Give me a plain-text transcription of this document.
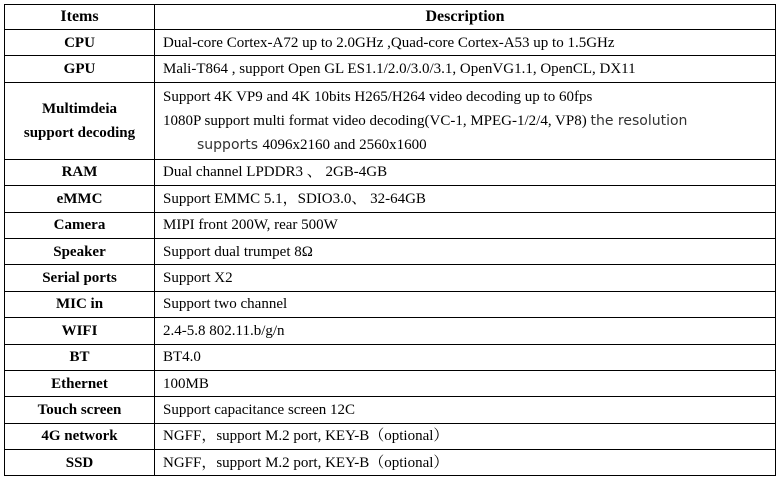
Items	Description
CPU	Dual-core Cortex-A72 up to 2.0GHz ,Quad-core Cortex-A53 up to 1.5GHz
GPU	Mali-T864 , support Open GL ES1.1/2.0/3.0/3.1, OpenVG1.1, OpenCL, DX11

Multimdeia
support decoding	Support 4K VP9 and 4K 10bits H265/H264 video decoding up to 60fps
1080P support multi format video decoding(VC-1, MPEG-1/2/4, VP8) the resolution
supports 4096x2160 and 2560x1600

RAM	Dual channel LPDDR3 、 2GB-4GB
eMMC	Support EMMC 5.1，SDIO3.0、 32-64GB
Camera	MIPI front 200W, rear 500W
Speaker	Support dual trumpet 8Ω
Serial ports	Support X2
MIC in	Support two channel
WIFI	2.4-5.8 802.11.b/g/n
BT	BT4.0
Ethernet	100MB
Touch screen	Support capacitance screen 12C
4G network	NGFF，support M.2 port, KEY-B（optional）
SSD	NGFF，support M.2 port, KEY-B（optional）
